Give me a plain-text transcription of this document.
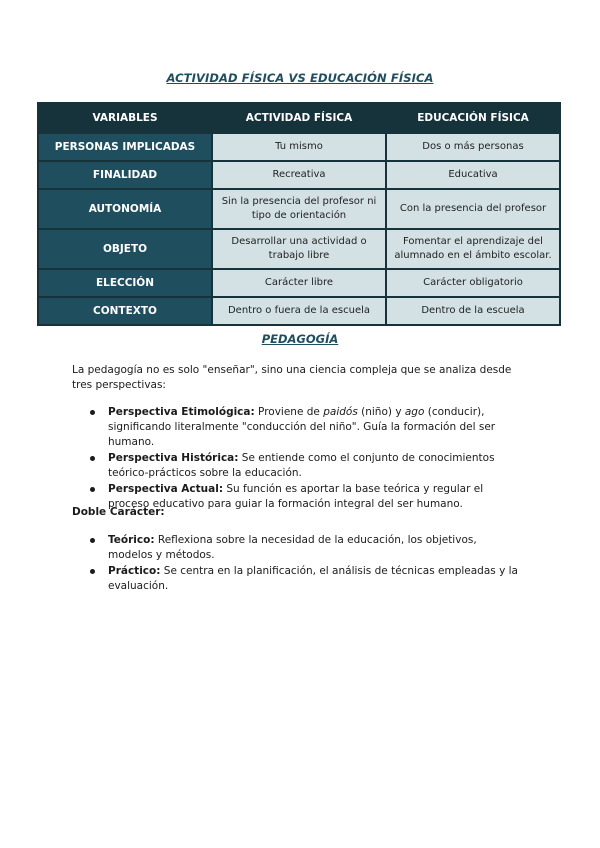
ACTIVIDAD FÍSICA VS EDUCACIÓN FÍSICA
VARIABLES	ACTIVIDAD FÍSICA	EDUCACIÓN FÍSICA
PERSONAS IMPLICADAS	Tu mismo	Dos o más personas
FINALIDAD	Recreativa	Educativa
AUTONOMÍA	Sin la presencia del profesor ni tipo de orientación	Con la presencia del profesor
OBJETO	Desarrollar una actividad o trabajo libre	Fomentar el aprendizaje del alumnado en el ámbito escolar.
ELECCIÓN	Carácter libre	Carácter obligatorio
CONTEXTO	Dentro o fuera de la escuela	Dentro de la escuela
PEDAGOGÍA
La pedagogía no es solo "enseñar", sino una ciencia compleja que se analiza desde tres perspectivas:
Perspectiva Etimológica: Proviene de paidós (niño) y ago (conducir), significando literalmente "conducción del niño". Guía la formación del ser humano.
Perspectiva Histórica: Se entiende como el conjunto de conocimientos teórico-prácticos sobre la educación.
Perspectiva Actual: Su función es aportar la base teórica y regular el proceso educativo para guiar la formación integral del ser humano.
Doble Carácter:
Teórico: Reflexiona sobre la necesidad de la educación, los objetivos, modelos y métodos.
Práctico: Se centra en la planificación, el análisis de técnicas empleadas y la evaluación.
